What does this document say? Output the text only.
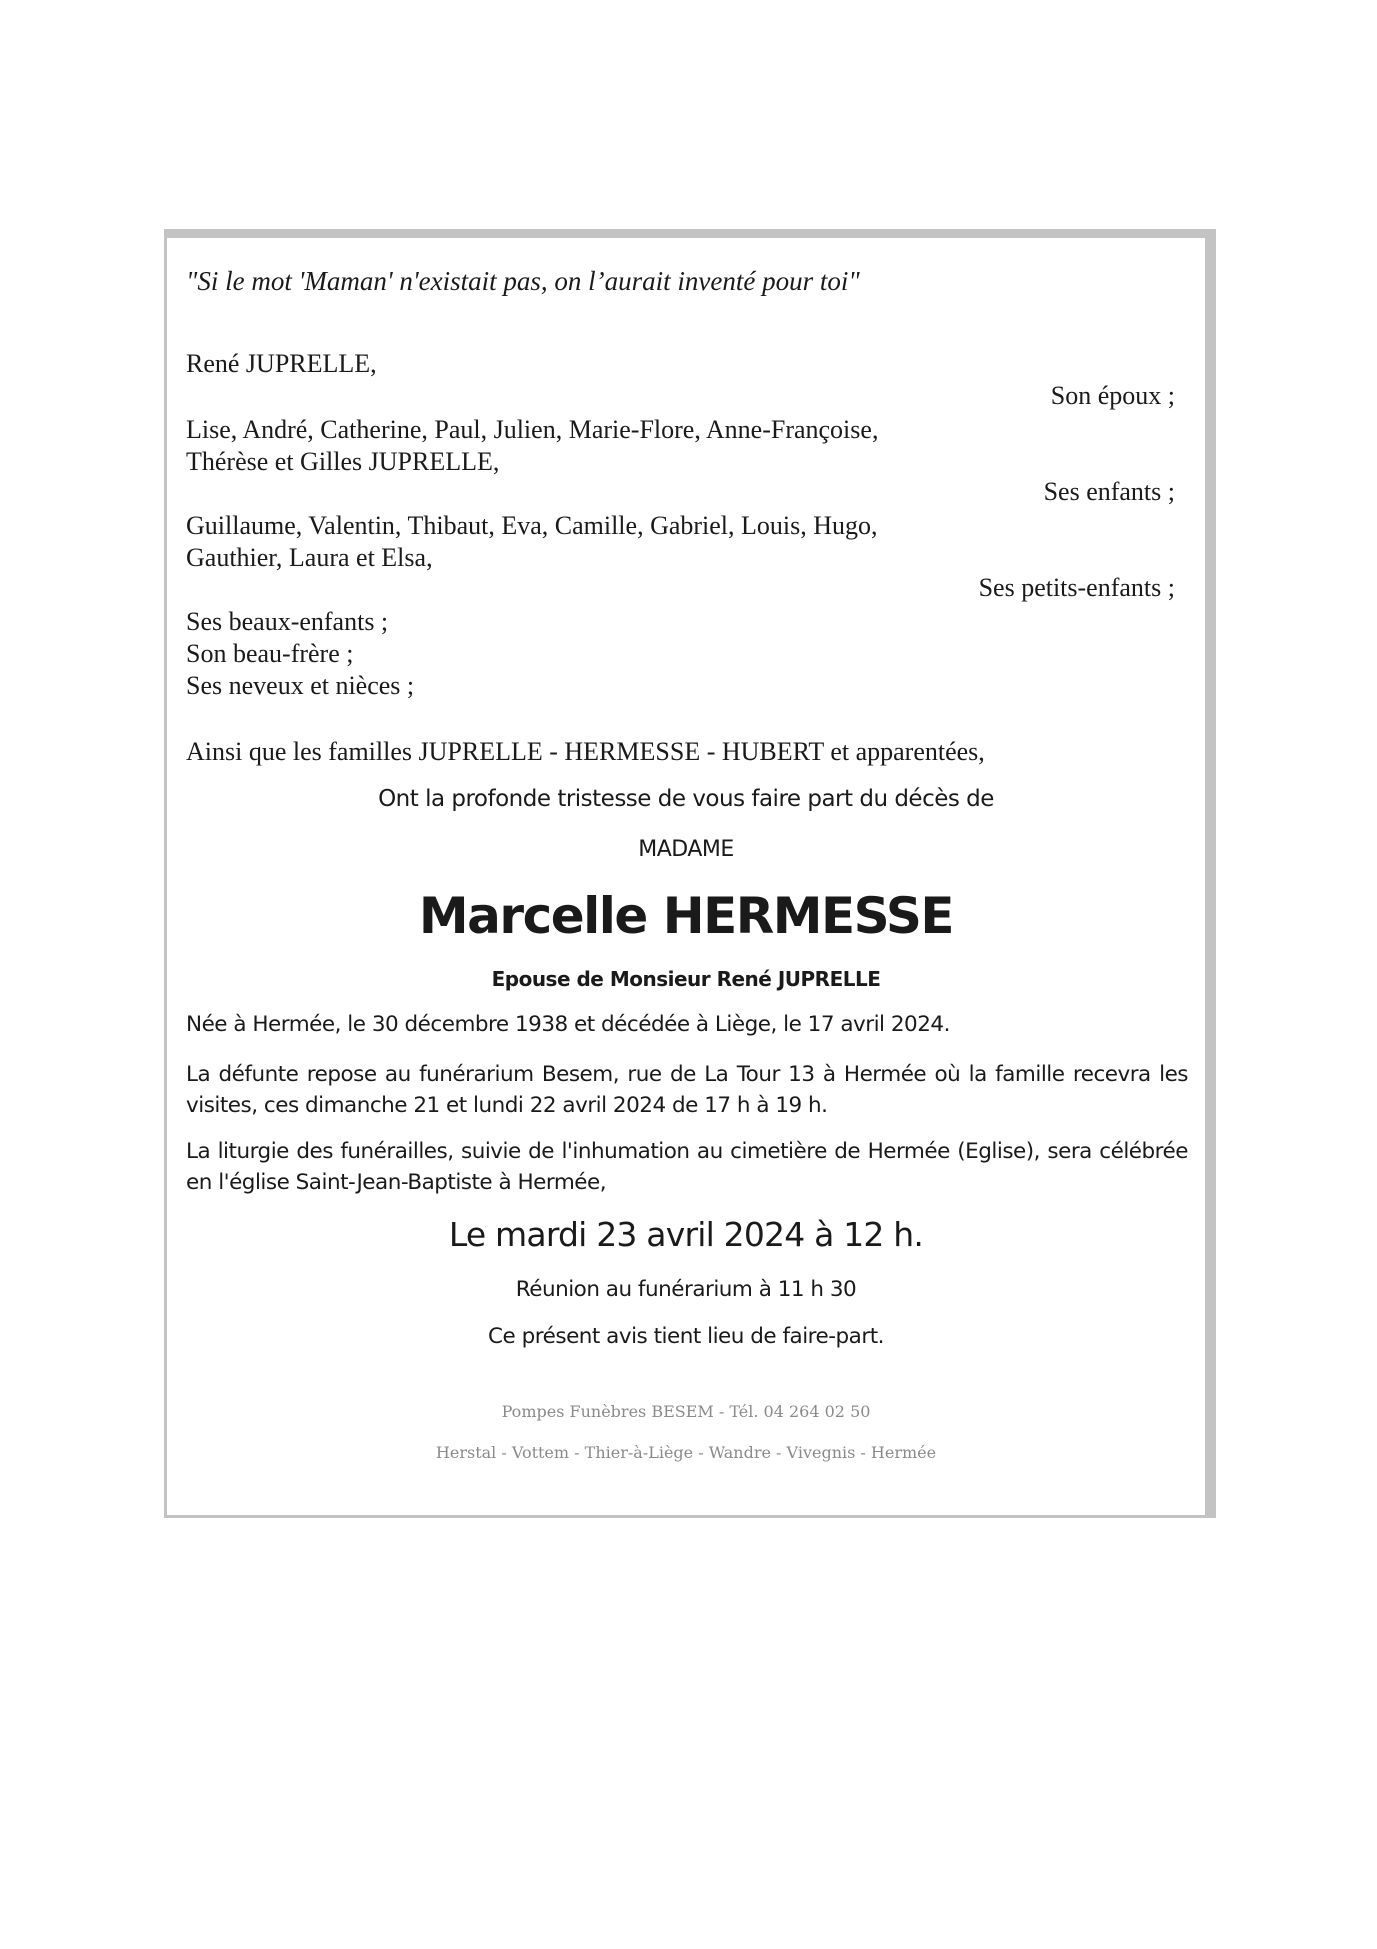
"Si le mot 'Maman' n'existait pas, on l’aurait inventé pour toi"
René JUPRELLE,
Son époux ;
Lise, André, Catherine, Paul, Julien, Marie-Flore, Anne-Françoise,
Thérèse et Gilles JUPRELLE,
Ses enfants ;
Guillaume, Valentin, Thibaut, Eva, Camille, Gabriel, Louis, Hugo,
Gauthier, Laura et Elsa,
Ses petits-enfants ;
Ses beaux-enfants ;
Son beau-frère ;
Ses neveux et nièces ;
Ainsi que les familles JUPRELLE - HERMESSE - HUBERT et apparentées,
Ont la profonde tristesse de vous faire part du décès de
MADAME
Marcelle HERMESSE
Epouse de Monsieur René JUPRELLE
Née à Hermée, le 30 décembre 1938 et décédée à Liège, le 17 avril 2024.
La défunte repose au funérarium Besem, rue de La Tour 13 à Hermée où la famille recevra les visites, ces dimanche 21 et lundi 22 avril 2024 de 17 h à 19 h.
La liturgie des funérailles, suivie de l'inhumation au cimetière de Hermée (Eglise), sera célébrée en l'église Saint-Jean-Baptiste à Hermée,
Le mardi 23 avril 2024 à 12 h.
Réunion au funérarium à 11 h 30
Ce présent avis tient lieu de faire-part.
Pompes Funèbres BESEM - Tél. 04 264 02 50
Herstal - Vottem - Thier-à-Liège - Wandre - Vivegnis - Hermée
